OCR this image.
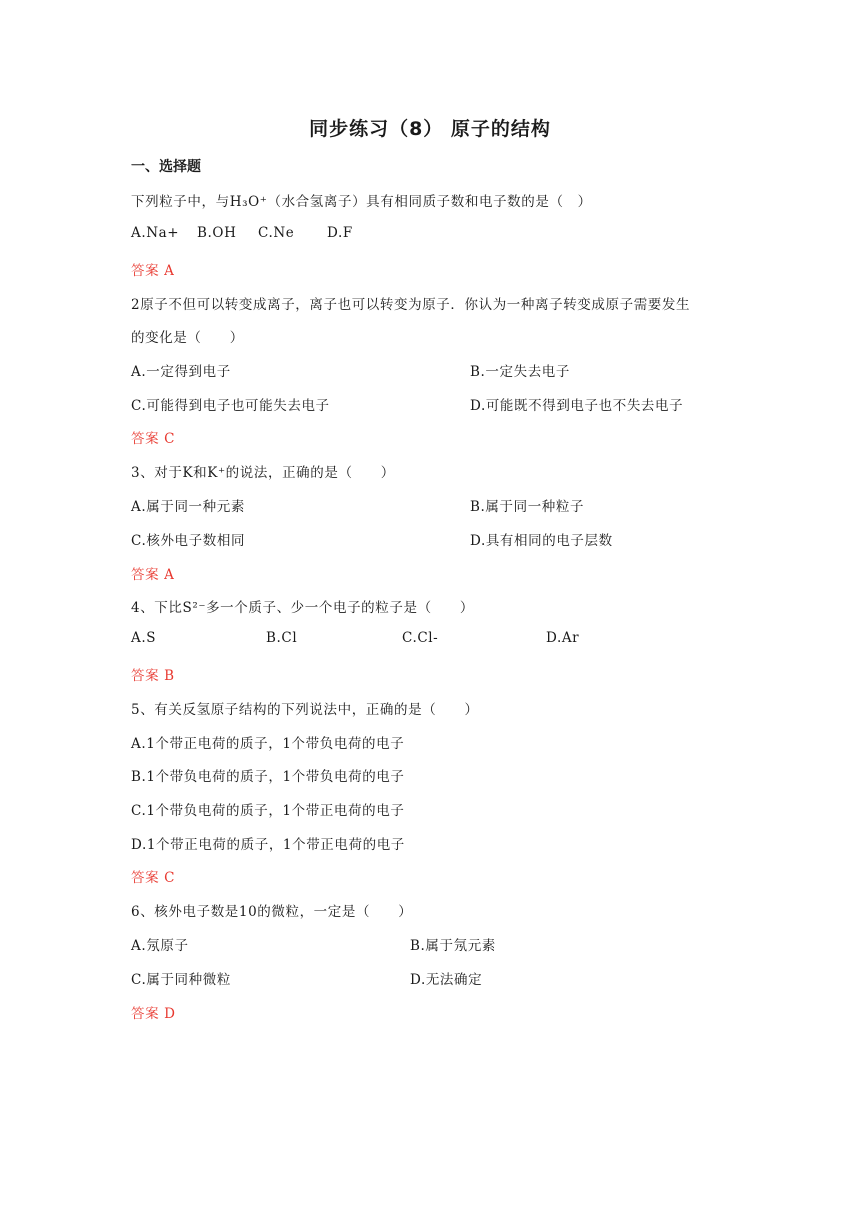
同步练习（8） 原子的结构
一、选择题
下列粒子中，与H₃O⁺（水合氢离子）具有相同质子数和电子数的是（　）
A.Na+ B.OH C.Ne D.F
答案 A
2原子不但可以转变成离子，离子也可以转变为原子．你认为一种离子转变成原子需要发生
的变化是（　　）
A.一定得到电子	B.一定失去电子
C.可能得到电子也可能失去电子	D.可能既不得到电子也不失去电子
答案 C
3、对于K和K⁺的说法，正确的是（　　）
A.属于同一种元素	B.属于同一种粒子
C.核外电子数相同	D.具有相同的电子层数
答案 A
4、下比S²⁻多一个质子、少一个电子的粒子是（　　）
A.S	B.Cl	C.Cl-	D.Ar
答案 B
5、有关反氢原子结构的下列说法中，正确的是（　　）
A.1个带正电荷的质子，1个带负电荷的电子
B.1个带负电荷的质子，1个带负电荷的电子
C.1个带负电荷的质子，1个带正电荷的电子
D.1个带正电荷的质子，1个带正电荷的电子
答案 C
6、核外电子数是10的微粒，一定是（　　）
A.氖原子	B.属于氖元素
C.属于同种微粒	D.无法确定
答案 D
